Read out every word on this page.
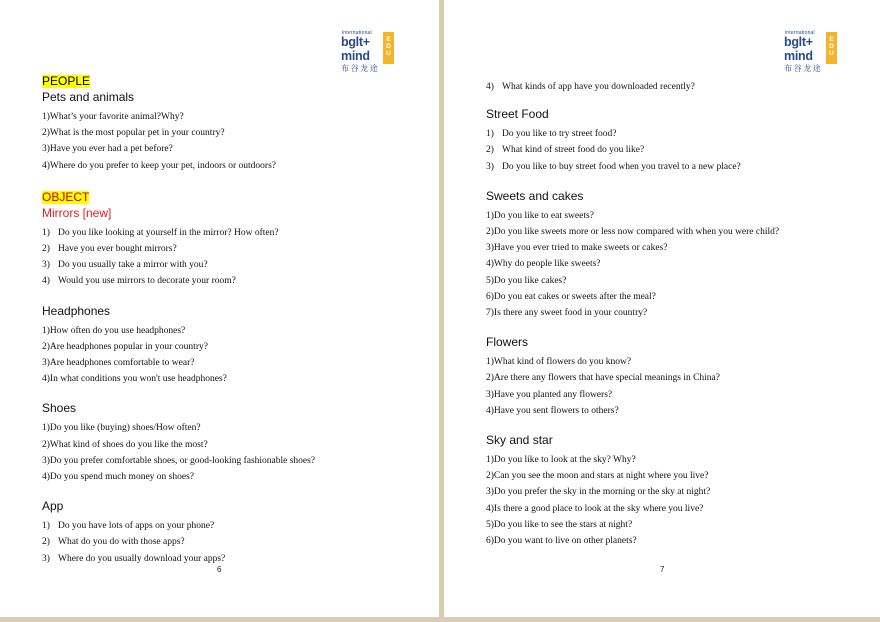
international
bglt+
mind
布谷龙途
E
D
U
PEOPLE
Pets and animals
1)What’s your favorite animal?Why?
2)What is the most popular pet in your country?
3)Have you ever had a pet before?
4)Where do you prefer to keep your pet, indoors or outdoors?
OBJECT
Mirrors [new]
1) Do you like looking at yourself in the mirror? How often?
2) Have you ever bought mirrors?
3) Do you usually take a mirror with you?
4) Would you use mirrors to decorate your room?
Headphones
1)How often do you use headphones?
2)Are headphones popular in your country?
3)Are headphones comfortable to wear?
4)In what conditions you won't use headphones?
Shoes
1)Do you like (buying) shoes/How often?
2)What kind of shoes do you like the most?
3)Do you prefer comfortable shoes, or good-looking fashionable shoes?
4)Do you spend much money on shoes?
App
1) Do you have lots of apps on your phone?
2) What do you do with those apps?
3) Where do you usually download your apps?
6
international
bglt+
mind
布谷龙途
E
D
U
4) What kinds of app have you downloaded recently?
Street Food
1) Do you like to try street food?
2) What kind of street food do you like?
3) Do you like to buy street food when you travel to a new place?
Sweets and cakes
1)Do you like to eat sweets?
2)Do you like sweets more or less now compared with when you were child?
3)Have you ever tried to make sweets or cakes?
4)Why do people like sweets?
5)Do you like cakes?
6)Do you eat cakes or sweets after the meal?
7)Is there any sweet food in your country?
Flowers
1)What kind of flowers do you know?
2)Are there any flowers that have special meanings in China?
3)Have you planted any flowers?
4)Have you sent flowers to others?
Sky and star
1)Do you like to look at the sky? Why?
2)Can you see the moon and stars at night where you live?
3)Do you prefer the sky in the morning or the sky at night?
4)Is there a good place to look at the sky where you live?
5)Do you like to see the stars at night?
6)Do you want to live on other planets?
7
